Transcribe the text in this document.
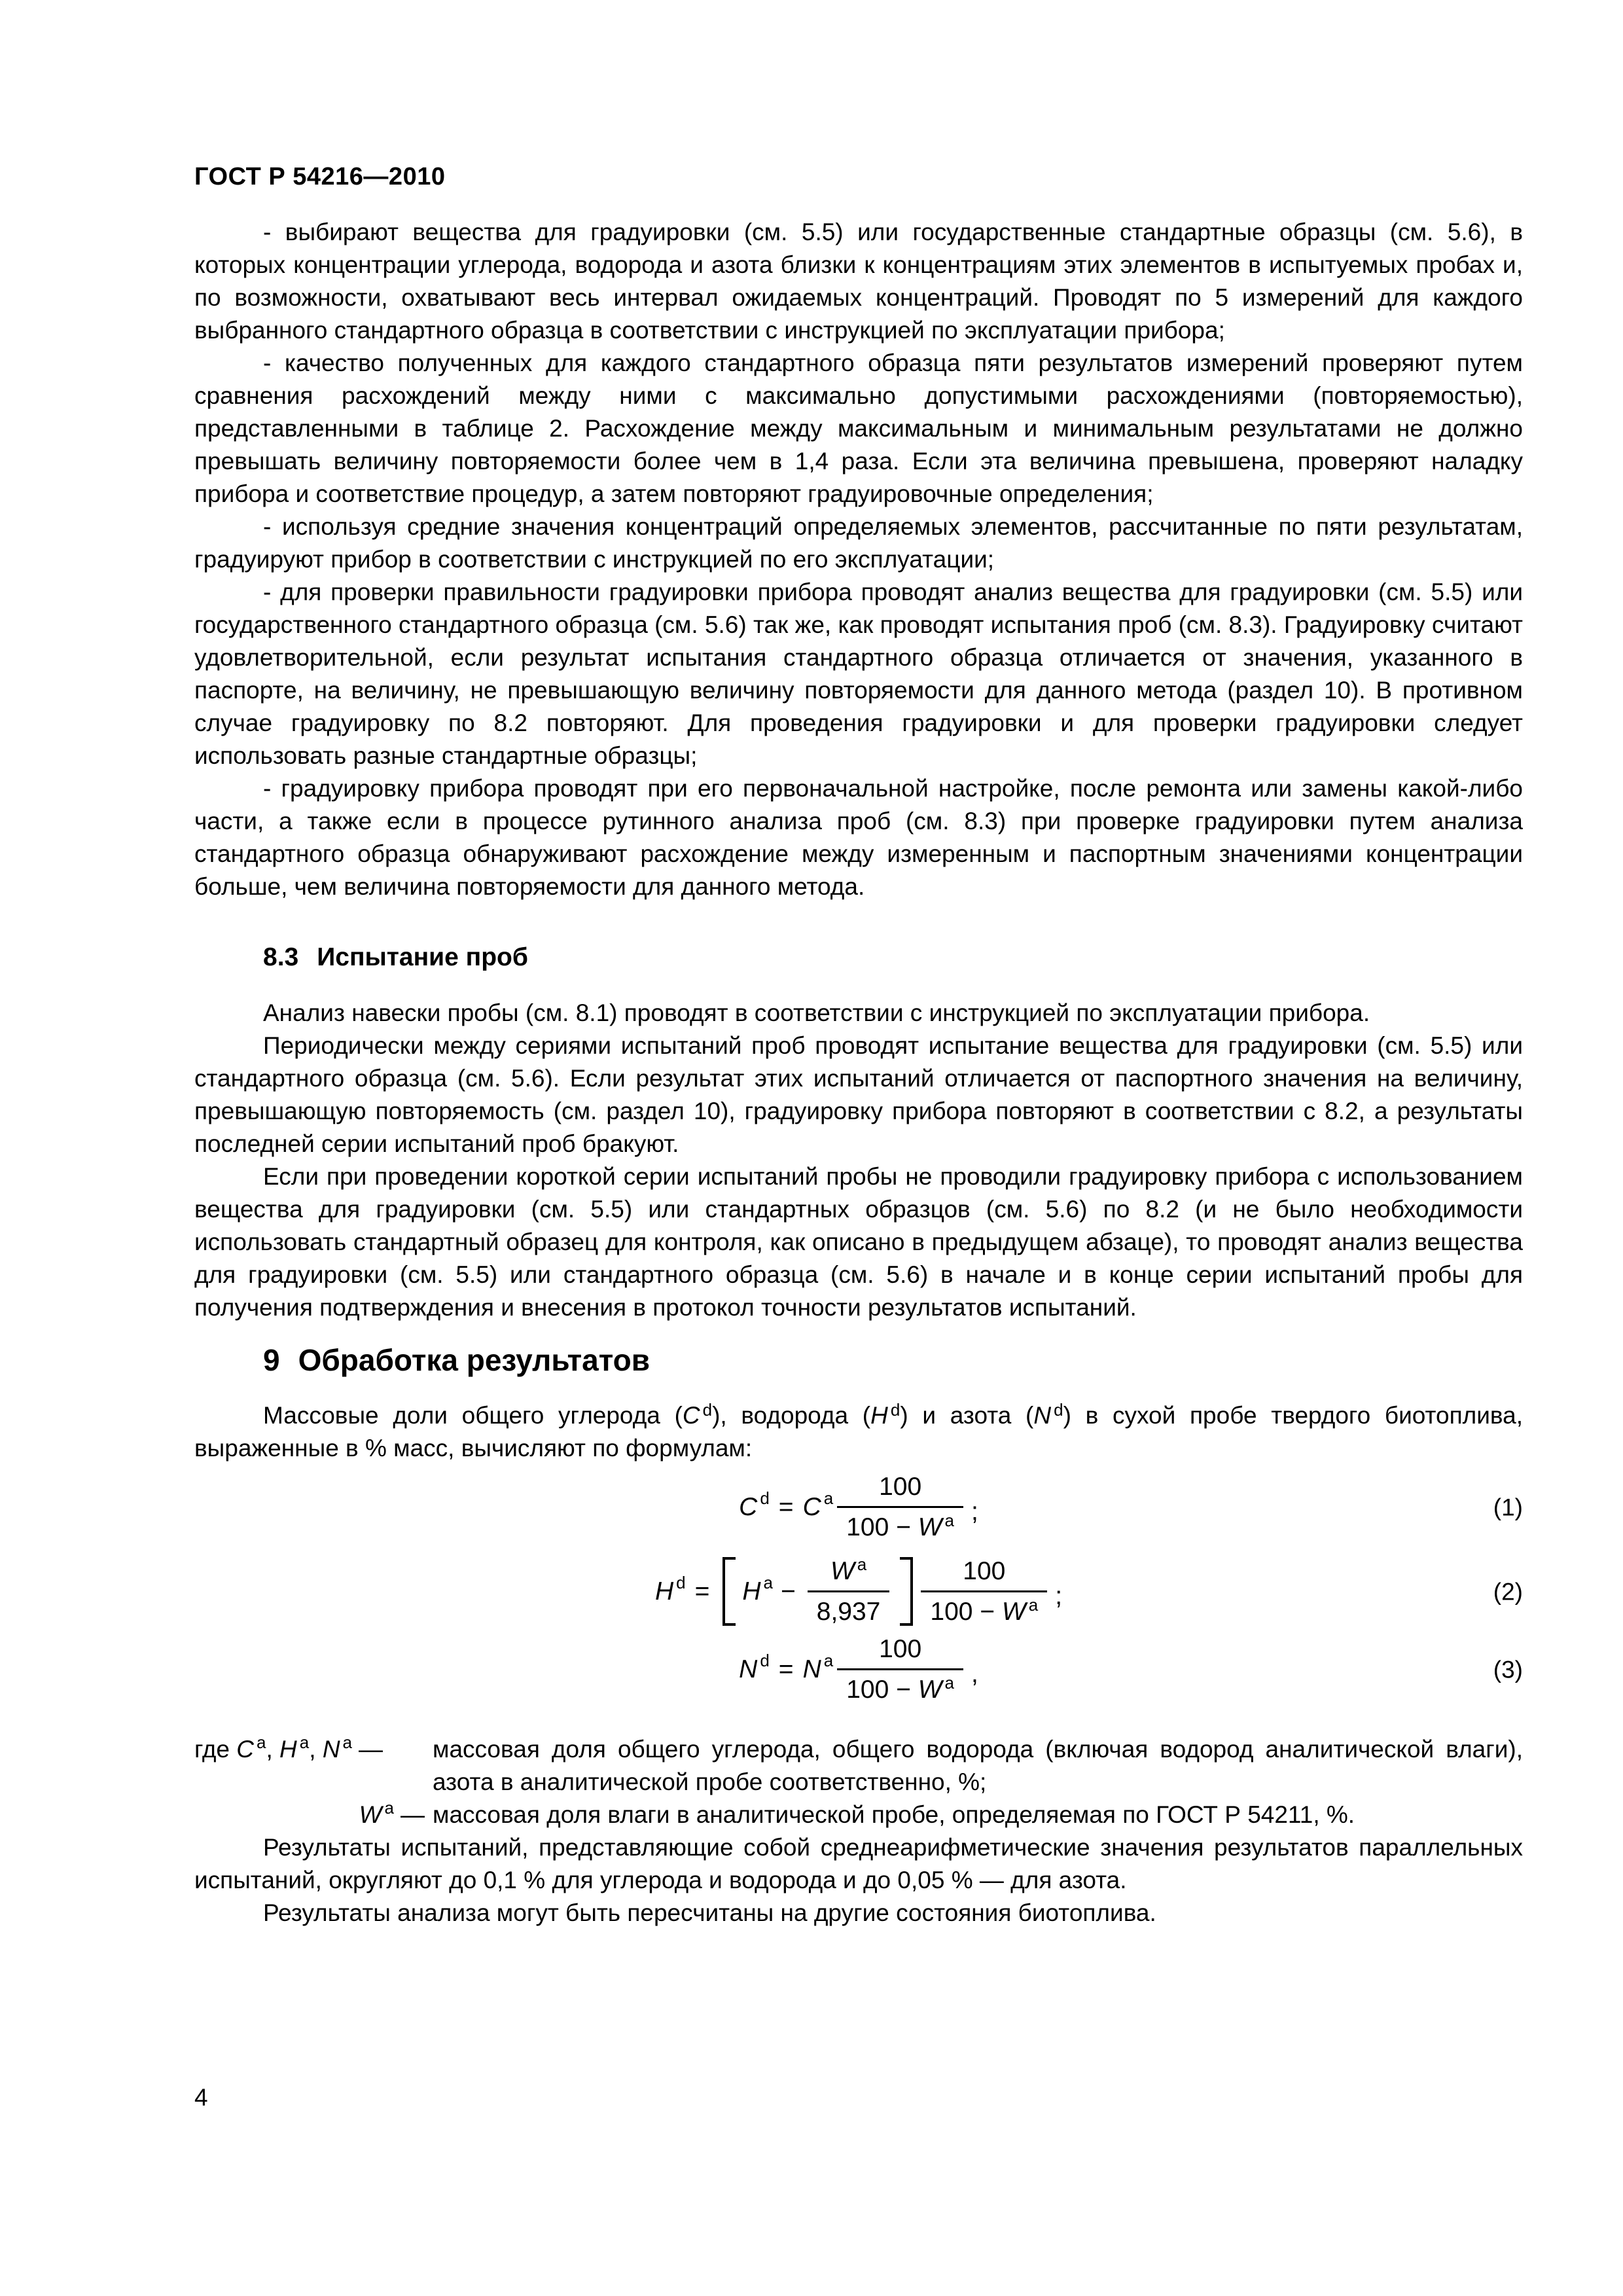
ГОСТ Р 54216—2010

- выбирают вещества для градуировки (см. 5.5) или государственные стандартные образцы (см. 5.6), в которых концентрации углерода, водорода и азота близки к концентрациям этих элементов в испытуемых пробах и, по возможности, охватывают весь интервал ожидаемых концентраций. Проводят по 5 измерений для каждого выбранного стандартного образца в соответствии с инструкцией по эксплуатации прибора;

- качество полученных для каждого стандартного образца пяти результатов измерений проверяют путем сравнения расхождений между ними с максимально допустимыми расхождениями (повторяемостью), представленными в таблице 2. Расхождение между максимальным и минимальным результатами не должно превышать величину повторяемости более чем в 1,4 раза. Если эта величина превышена, проверяют наладку прибора и соответствие процедур, а затем повторяют градуировочные определения;

- используя средние значения концентраций определяемых элементов, рассчитанные по пяти результатам, градуируют прибор в соответствии с инструкцией по его эксплуатации;

- для проверки правильности градуировки прибора проводят анализ вещества для градуировки (см. 5.5) или государственного стандартного образца (см. 5.6) так же, как проводят испытания проб (см. 8.3). Градуировку считают удовлетворительной, если результат испытания стандартного образца отличается от значения, указанного в паспорте, на величину, не превышающую величину повторяемости для данного метода (раздел 10). В противном случае градуировку по 8.2 повторяют. Для проведения градуировки и для проверки градуировки следует использовать разные стандартные образцы;

- градуировку прибора проводят при его первоначальной настройке, после ремонта или замены какой-либо части, а также если в процессе рутинного анализа проб (см. 8.3) при проверке градуировки путем анализа стандартного образца обнаруживают расхождение между измеренным и паспортным значениями концентрации больше, чем величина повторяемости для данного метода.

8.3 Испытание проб

Анализ навески пробы (см. 8.1) проводят в соответствии с инструкцией по эксплуатации прибора.

Периодически между сериями испытаний проб проводят испытание вещества для градуировки (см. 5.5) или стандартного образца (см. 5.6). Если результат этих испытаний отличается от паспортного значения на величину, превышающую повторяемость (см. раздел 10), градуировку прибора повторяют в соответствии с 8.2, а результаты последней серии испытаний проб бракуют.

Если при проведении короткой серии испытаний пробы не проводили градуировку прибора с использованием вещества для градуировки (см. 5.5) или стандартных образцов (см. 5.6) по 8.2 (и не было необходимости использовать стандартный образец для контроля, как описано в предыдущем абзаце), то проводят анализ вещества для градуировки (см. 5.5) или стандартного образца (см. 5.6) в начале и в конце серии испытаний пробы для получения подтверждения и внесения в протокол точности результатов испытаний.

9 Обработка результатов

Массовые доли общего углерода (C $^d$), водорода (H $^d$) и азота (N $^d$) в сухой пробе твердого биотоплива, выраженные в % масс, вычисляют по формулам:

$C^d = C^a \frac{100}{100 - W ^a}$ ;	(1)
$H^d = H^a - \frac{W ^a}{8,937} \frac{100}{100 - W ^a}$ ;	(2)
$N^d = N^a \frac{100}{100 - W ^a}$ ,	(3)
где C $^a$, H $^a$, N $^a$ —	массовая доля общего углерода, общего водорода (включая водород аналитической влаги), азота в аналитической пробе соответственно, %;
W $^a$ — массовая доля влаги в аналитической пробе, определяемая по ГОСТ Р 54211, %.

Результаты испытаний, представляющие собой среднеарифметические значения результатов параллельных испытаний, округляют до 0,1 % для углерода и водорода и до 0,05 % — для азота.

Результаты анализа могут быть пересчитаны на другие состояния биотоплива.

4
